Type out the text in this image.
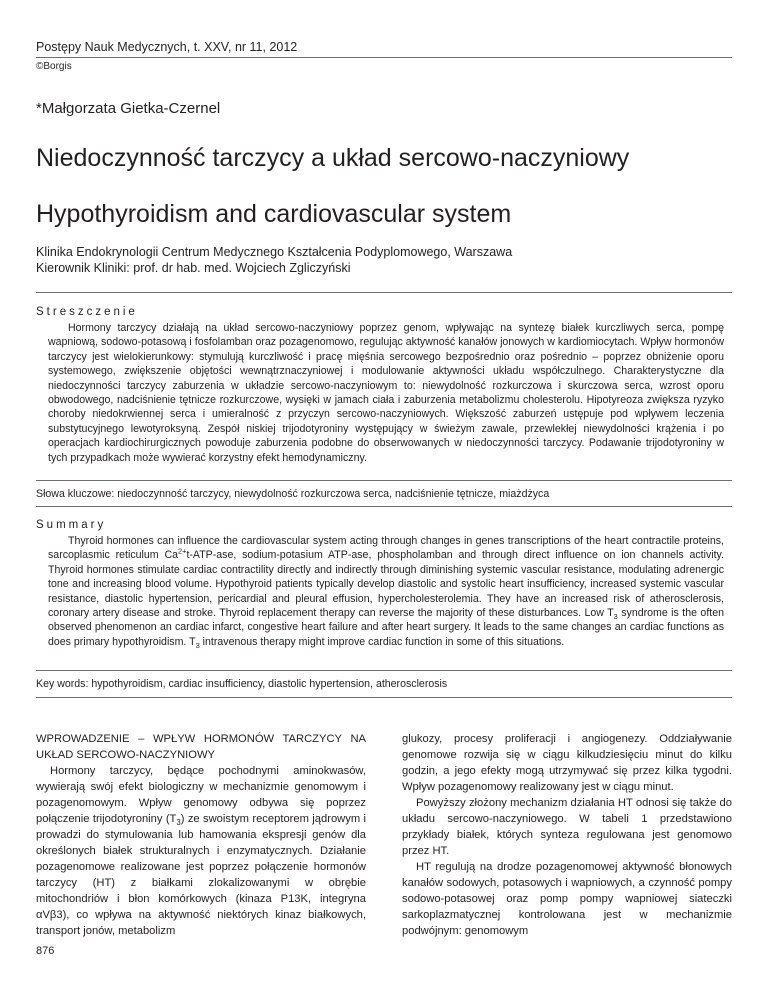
Postępy Nauk Medycznych, t. XXV, nr 11, 2012
©Borgis
*Małgorzata Gietka-Czernel
Niedoczynność tarczycy a układ sercowo-naczyniowy
Hypothyroidism and cardiovascular system
Klinika Endokrynologii Centrum Medycznego Kształcenia Podyplomowego, Warszawa
Kierownik Kliniki: prof. dr hab. med. Wojciech Zgliczyński
Streszczenie

Hormony tarczycy działają na układ sercowo-naczyniowy poprzez genom, wpływając na syntezę białek kurczliwych serca, pompę wapniową, sodowo-potasową i fosfolamban oraz pozagenomowo, regulując aktywność kanałów jonowych w kardiomiocytach. Wpływ hormonów tarczycy jest wielokierunkowy: stymulują kurczliwość i pracę mięśnia sercowego bezpośrednio oraz pośrednio – poprzez obniżenie oporu systemowego, zwiększenie objętości wewnątrznaczyniowej i modulowanie aktywności układu współczulnego. Charakterystyczne dla niedoczynności tarczycy zaburzenia w układzie sercowo-naczyniowym to: niewydolność rozkurczowa i skurczowa serca, wzrost oporu obwodowego, nadciśnienie tętnicze rozkurczowe, wysięki w jamach ciała i zaburzenia metabolizmu cholesterolu. Hipotyreoza zwiększa ryzyko choroby niedokrwiennej serca i umieralność z przyczyn sercowo-naczyniowych. Większość zaburzeń ustępuje pod wpływem leczenia substytucyjnego lewotyroksyną. Zespół niskiej trijodotyroniny występujący w świeżym zawale, przewlekłej niewydolności krążenia i po operacjach kardiochirurgicznych powoduje zaburzenia podobne do obserwowanych w niedoczynności tarczycy. Podawanie trijodotyroniny w tych przypadkach może wywierać korzystny efekt hemodynamiczny.

Słowa kluczowe: niedoczynność tarczycy, niewydolność rozkurczowa serca, nadciśnienie tętnicze, miażdżyca
Summary

Thyroid hormones can influence the cardiovascular system acting through changes in genes transcriptions of the heart contractile proteins, sarcoplasmic reticulum $Ca^{2+}t-ATP$-ase, sodium-potasium ATP-ase, phospholamban and through direct influence on ion channels activity. Thyroid hormones stimulate cardiac contractility directly and indirectly through diminishing systemic vascular resistance, modulating adrenergic tone and increasing blood volume. Hypothyroid patients typically develop diastolic and systolic heart insufficiency, increased systemic vascular resistance, diastolic hypertension, pericardial and pleural effusion, hypercholesterolemia. They have an increased risk of atherosclerosis, coronary artery disease and stroke. Thyroid replacement therapy can reverse the majority of these disturbances. Low $T_3$ syndrome is the often observed phenomenon an cardiac infarct, congestive heart failure and after heart surgery. It leads to the same changes an cardiac functions as does primary hypothyroidism. $T_3$ intravenous therapy might improve cardiac function in some of this situations.

Key words: hypothyroidism, cardiac insufficiency, diastolic hypertension, atherosclerosis

WPROWADZENIE – WPŁYW HORMONÓW TARCZYCY NA UKŁAD SERCOWO-NACZYNIOWY

Hormony tarczycy, będące pochodnymi aminokwasów, wywierają swój efekt biologiczny w mechanizmie genomowym i pozagenomowym. Wpływ genomowy odbywa się poprzez połączenie trijodotyroniny $(T_3)$ ze swoistym receptorem jądrowym i prowadzi do stymulowania lub hamowania ekspresji genów dla określonych białek strukturalnych i enzymatycznych. Działanie pozagenomowe realizowane jest poprzez połączenie hormonów tarczycy (HT) z białkami zlokalizowanymi w obrębie mitochondriów i błon komórkowych (kinaza P13K, integryna αVβ3), co wpływa na aktywność niektórych kinaz białkowych, transport jonów, metabolizm

glukozy, procesy proliferacji i angiogenezy. Oddziaływanie genomowe rozwija się w ciągu kilkudziesięciu minut do kilku godzin, a jego efekty mogą utrzymywać się przez kilka tygodni. Wpływ pozagenomowy realizowany jest w ciągu minut.

Powyższy złożony mechanizm działania HT odnosi się także do układu sercowo-naczyniowego. W tabeli 1 przedstawiono przykłady białek, których synteza regulowana jest genomowo przez HT.

HT regulują na drodze pozagenomowej aktywność błonowych kanałów sodowych, potasowych i wapniowych, a czynność pompy sodowo-potasowej oraz pomp pompy wapniowej siateczki sarkoplazmatycznej kontrolowana jest w mechanizmie podwójnym: genomowym

876
